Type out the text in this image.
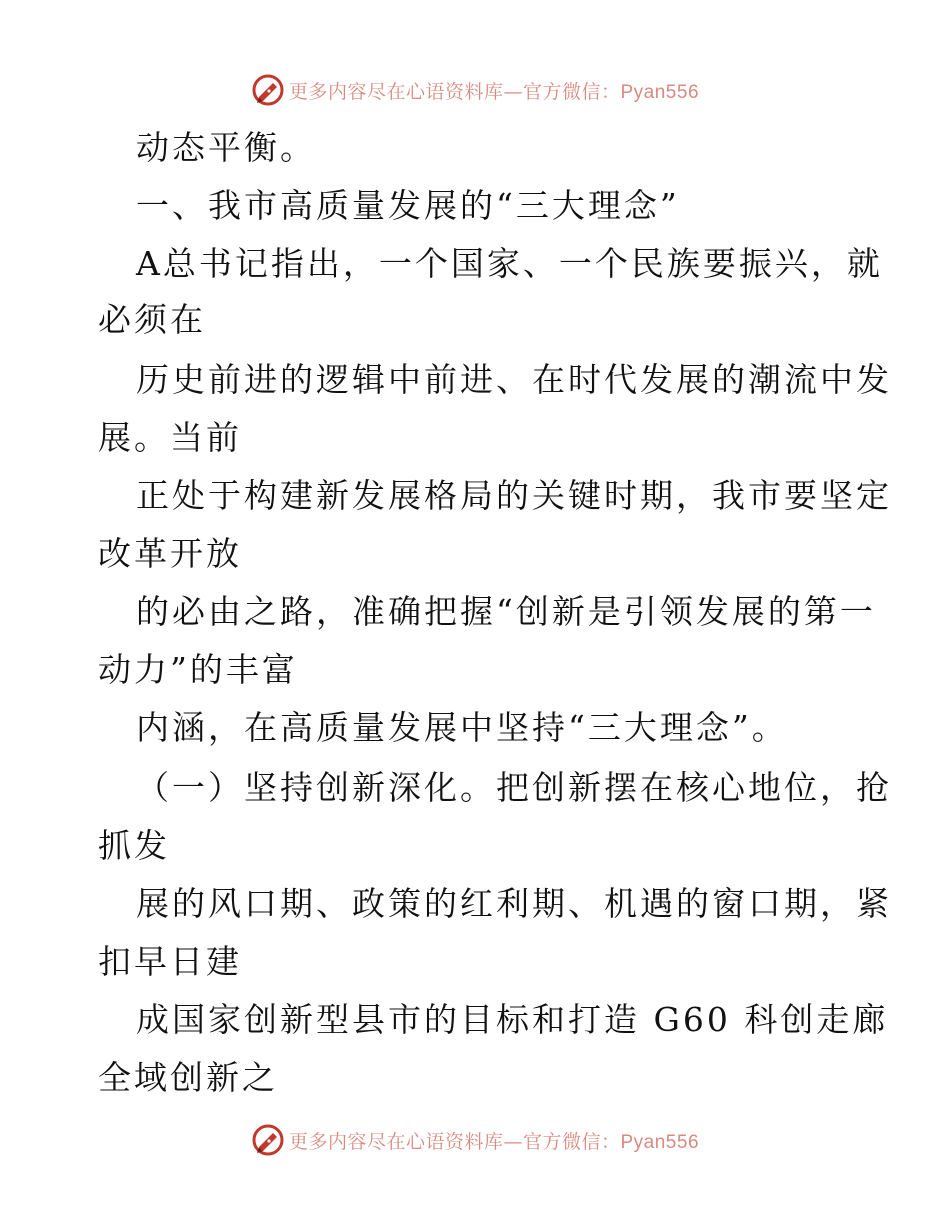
更多内容尽在心语资料库—官方微信：Pyan556
动态平衡。
一、我市高质量发展的“三大理念”
A总书记指出，一个国家、一个民族要振兴，就
必须在
历史前进的逻辑中前进、在时代发展的潮流中发
展。当前
正处于构建新发展格局的关键时期，我市要坚定
改革开放
的必由之路，准确把握“创新是引领发展的第一
动力”的丰富
内涵，在高质量发展中坚持“三大理念”。
（一）坚持创新深化。把创新摆在核心地位，抢
抓发
展的风口期、政策的红利期、机遇的窗口期，紧
扣早日建
成国家创新型县市的目标和打造 G60 科创走廊
全域创新之
更多内容尽在心语资料库—官方微信：Pyan556
